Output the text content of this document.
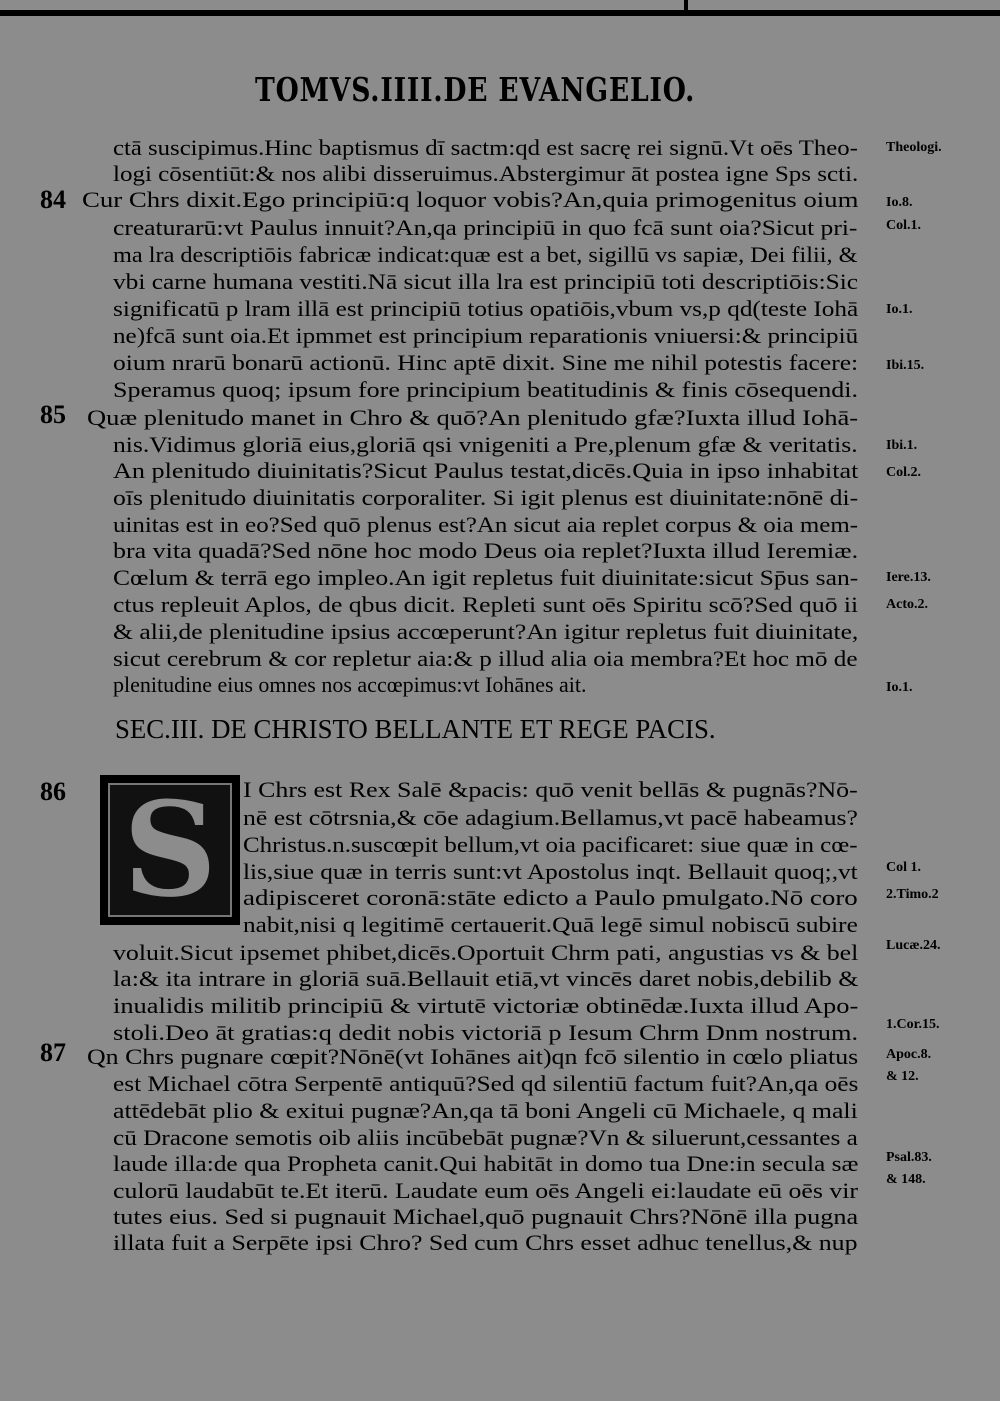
TOMVS.IIII.DE EVANGELIO.
84
85
86
87
ctā suscipimus.Hinc baptismus dī sactm:qd est sacrę rei signū.Vt oēs Theo-
logi cōsentiūt:& nos alibi disseruimus.Abstergimur āt postea igne Sps scti.
Cur Chrs dixit.Ego principiū:q loquor vobis?An,quia primogenitus oium
creaturarū:vt Paulus innuit?An,qa principiū in quo fcā sunt oia?Sicut pri-
ma lra descriptiōis fabricæ indicat:quæ est a bet, sigillū vs sapiæ, Dei filii, &
vbi carne humana vestiti.Nā sicut illa lra est principiū toti descriptiōis:Sic
significatū p lram illā est principiū totius opatiōis,vbum vs,p qd(teste Iohā
ne)fcā sunt oia.Et ipmmet est principium reparationis vniuersi:& principiū
oium nrarū bonarū actionū. Hinc aptē dixit. Sine me nihil potestis facere:
Speramus quoq; ipsum fore principium beatitudinis & finis cōsequendi.
Quæ plenitudo manet in Chro & quō?An plenitudo gfæ?Iuxta illud Iohā-
nis.Vidimus gloriā eius,gloriā qsi vnigeniti a Pre,plenum gfæ & veritatis.
An plenitudo diuinitatis?Sicut Paulus testat,dicēs.Quia in ipso inhabitat
oīs plenitudo diuinitatis corporaliter. Si igit plenus est diuinitate:nōnē di-
uinitas est in eo?Sed quō plenus est?An sicut aia replet corpus & oia mem-
bra vita quadā?Sed nōne hoc modo Deus oia replet?Iuxta illud Ieremiæ.
Cœlum & terrā ego impleo.An igit repletus fuit diuinitate:sicut Sp̄us san-
ctus repleuit Aplos, de qbus dicit. Repleti sunt oēs Spiritu scō?Sed quō ii
& alii,de plenitudine ipsius accœperunt?An igitur repletus fuit diuinitate,
sicut cerebrum & cor repletur aia:& p illud alia oia membra?Et hoc mō de
plenitudine eius omnes nos accœpimus:vt Iohānes ait.
I Chrs est Rex Salē &pacis: quō venit bellās & pugnās?Nō-
nē est cōtrsnia,& cōe adagium.Bellamus,vt pacē habeamus?
Christus.n.suscœpit bellum,vt oia pacificaret: siue quæ in cœ-
lis,siue quæ in terris sunt:vt Apostolus inqt. Bellauit quoq;,vt
adipisceret coronā:stāte edicto a Paulo pmulgato.Nō coro
nabit,nisi q legitimē certauerit.Quā legē simul nobiscū subire
voluit.Sicut ipsemet phibet,dicēs.Oportuit Chrm pati, angustias vs & bel
la:& ita intrare in gloriā suā.Bellauit etiā,vt vincēs daret nobis,debilib &
inualidis militib principiū & virtutē victoriæ obtinēdæ.Iuxta illud Apo-
stoli.Deo āt gratias:q dedit nobis victoriā p Iesum Chrm Dnm nostrum.
Qn Chrs pugnare cœpit?Nōnē(vt Iohānes ait)qn fcō silentio in cœlo pliatus
est Michael cōtra Serpentē antiquū?Sed qd silentiū factum fuit?An,qa oēs
attēdebāt plio & exitui pugnæ?An,qa tā boni Angeli cū Michaele, q mali
cū Dracone semotis oib aliis incūbebāt pugnæ?Vn & siluerunt,cessantes a
laude illa:de qua Propheta canit.Qui habitāt in domo tua Dne:in secula sæ
culorū laudabūt te.Et iterū. Laudate eum oēs Angeli ei:laudate eū oēs vir
tutes eius. Sed si pugnauit Michael,quō pugnauit Chrs?Nōnē illa pugna
illata fuit a Serpēte ipsi Chro? Sed cum Chrs esset adhuc tenellus,& nup
SEC.III. DE CHRISTO BELLANTE ET REGE PACIS.
S
Theologi.
Io.8.
Col.1.
Io.1.
Ibi.15.
Ibi.1.
Col.2.
Iere.13.
Acto.2.
Io.1.
Col 1.
2.Timo.2
Lucæ.24.
1.Cor.15.
Apoc.8.
& 12.
Psal.83.
& 148.
